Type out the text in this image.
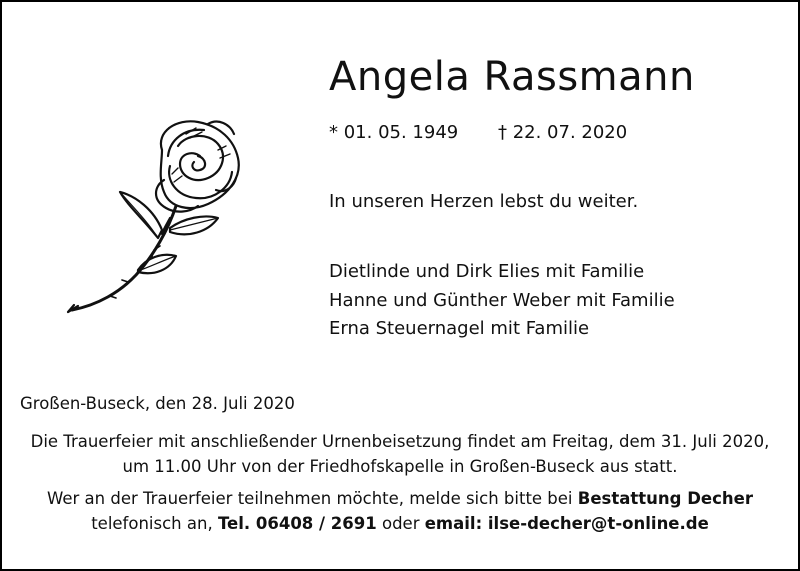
Angela Rassmann
* 01. 05. 1949 † 22. 07. 2020
In unseren Herzen lebst du weiter.
Dietlinde und Dirk Elies mit Familie
Hanne und Günther Weber mit Familie
Erna Steuernagel mit Familie
Großen-Buseck, den 28. Juli 2020
Die Trauerfeier mit anschließender Urnenbeisetzung findet am Freitag, dem 31. Juli 2020,
um 11.00 Uhr von der Friedhofskapelle in Großen-Buseck aus statt.
Wer an der Trauerfeier teilnehmen möchte, melde sich bitte bei Bestattung Decher
telefonisch an, Tel. 06408 / 2691 oder email: ilse-decher@t-online.de
